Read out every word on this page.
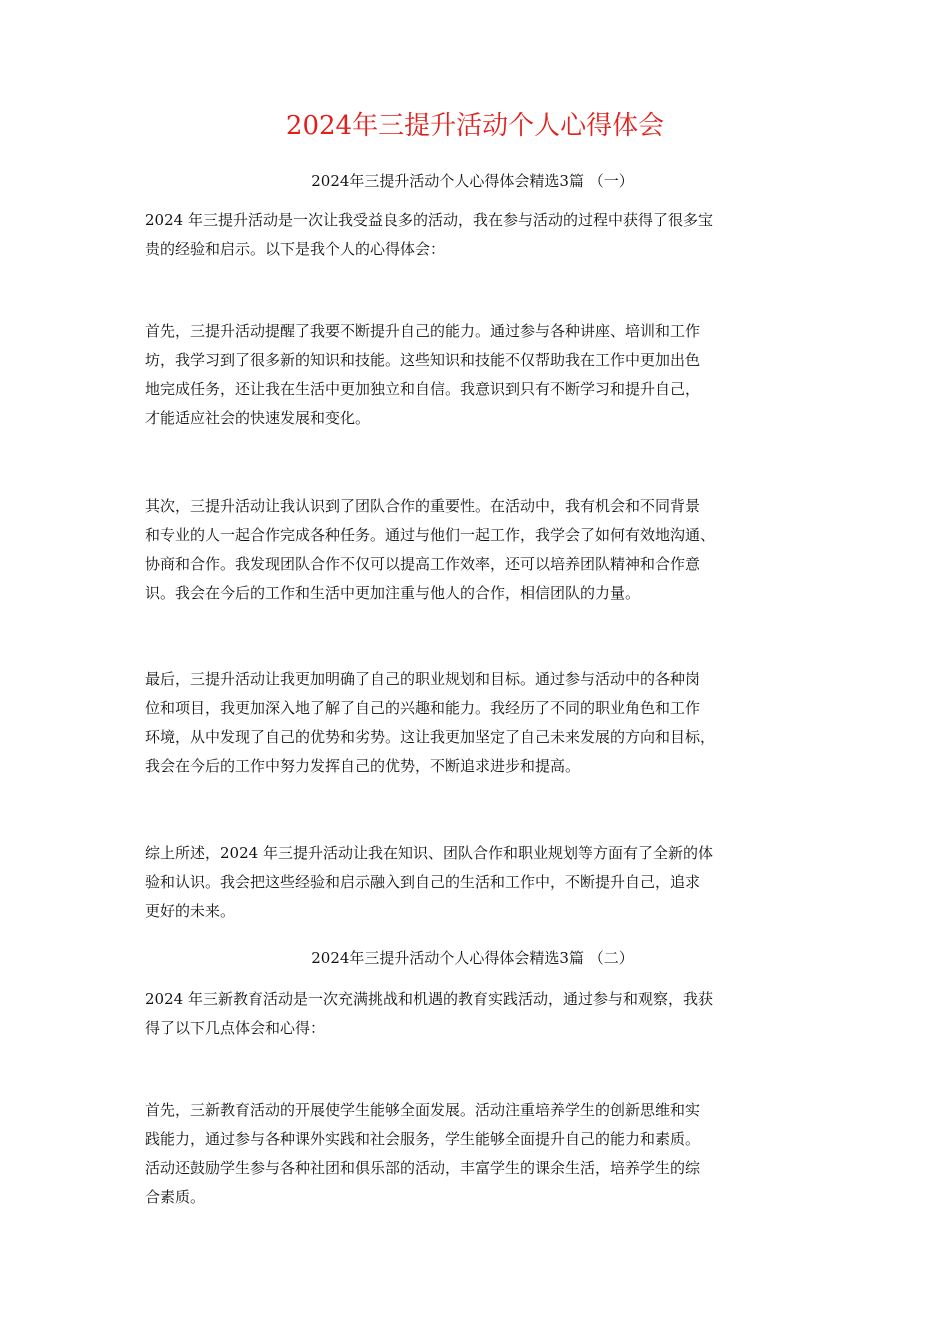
2024年三提升活动个人心得体会
2024年三提升活动个人心得体会精选3篇 （一）
2024 年三提升活动是一次让我受益良多的活动，我在参与活动的过程中获得了很多宝
贵的经验和启示。以下是我个人的心得体会：
首先，三提升活动提醒了我要不断提升自己的能力。通过参与各种讲座、培训和工作
坊，我学习到了很多新的知识和技能。这些知识和技能不仅帮助我在工作中更加出色
地完成任务，还让我在生活中更加独立和自信。我意识到只有不断学习和提升自己，
才能适应社会的快速发展和变化。
其次，三提升活动让我认识到了团队合作的重要性。在活动中，我有机会和不同背景
和专业的人一起合作完成各种任务。通过与他们一起工作，我学会了如何有效地沟通、
协商和合作。我发现团队合作不仅可以提高工作效率，还可以培养团队精神和合作意
识。我会在今后的工作和生活中更加注重与他人的合作，相信团队的力量。
最后，三提升活动让我更加明确了自己的职业规划和目标。通过参与活动中的各种岗
位和项目，我更加深入地了解了自己的兴趣和能力。我经历了不同的职业角色和工作
环境，从中发现了自己的优势和劣势。这让我更加坚定了自己未来发展的方向和目标，
我会在今后的工作中努力发挥自己的优势，不断追求进步和提高。
综上所述，2024 年三提升活动让我在知识、团队合作和职业规划等方面有了全新的体
验和认识。我会把这些经验和启示融入到自己的生活和工作中，不断提升自己，追求
更好的未来。
2024年三提升活动个人心得体会精选3篇 （二）
2024 年三新教育活动是一次充满挑战和机遇的教育实践活动，通过参与和观察，我获
得了以下几点体会和心得：
首先，三新教育活动的开展使学生能够全面发展。活动注重培养学生的创新思维和实
践能力，通过参与各种课外实践和社会服务，学生能够全面提升自己的能力和素质。
活动还鼓励学生参与各种社团和俱乐部的活动，丰富学生的课余生活，培养学生的综
合素质。
